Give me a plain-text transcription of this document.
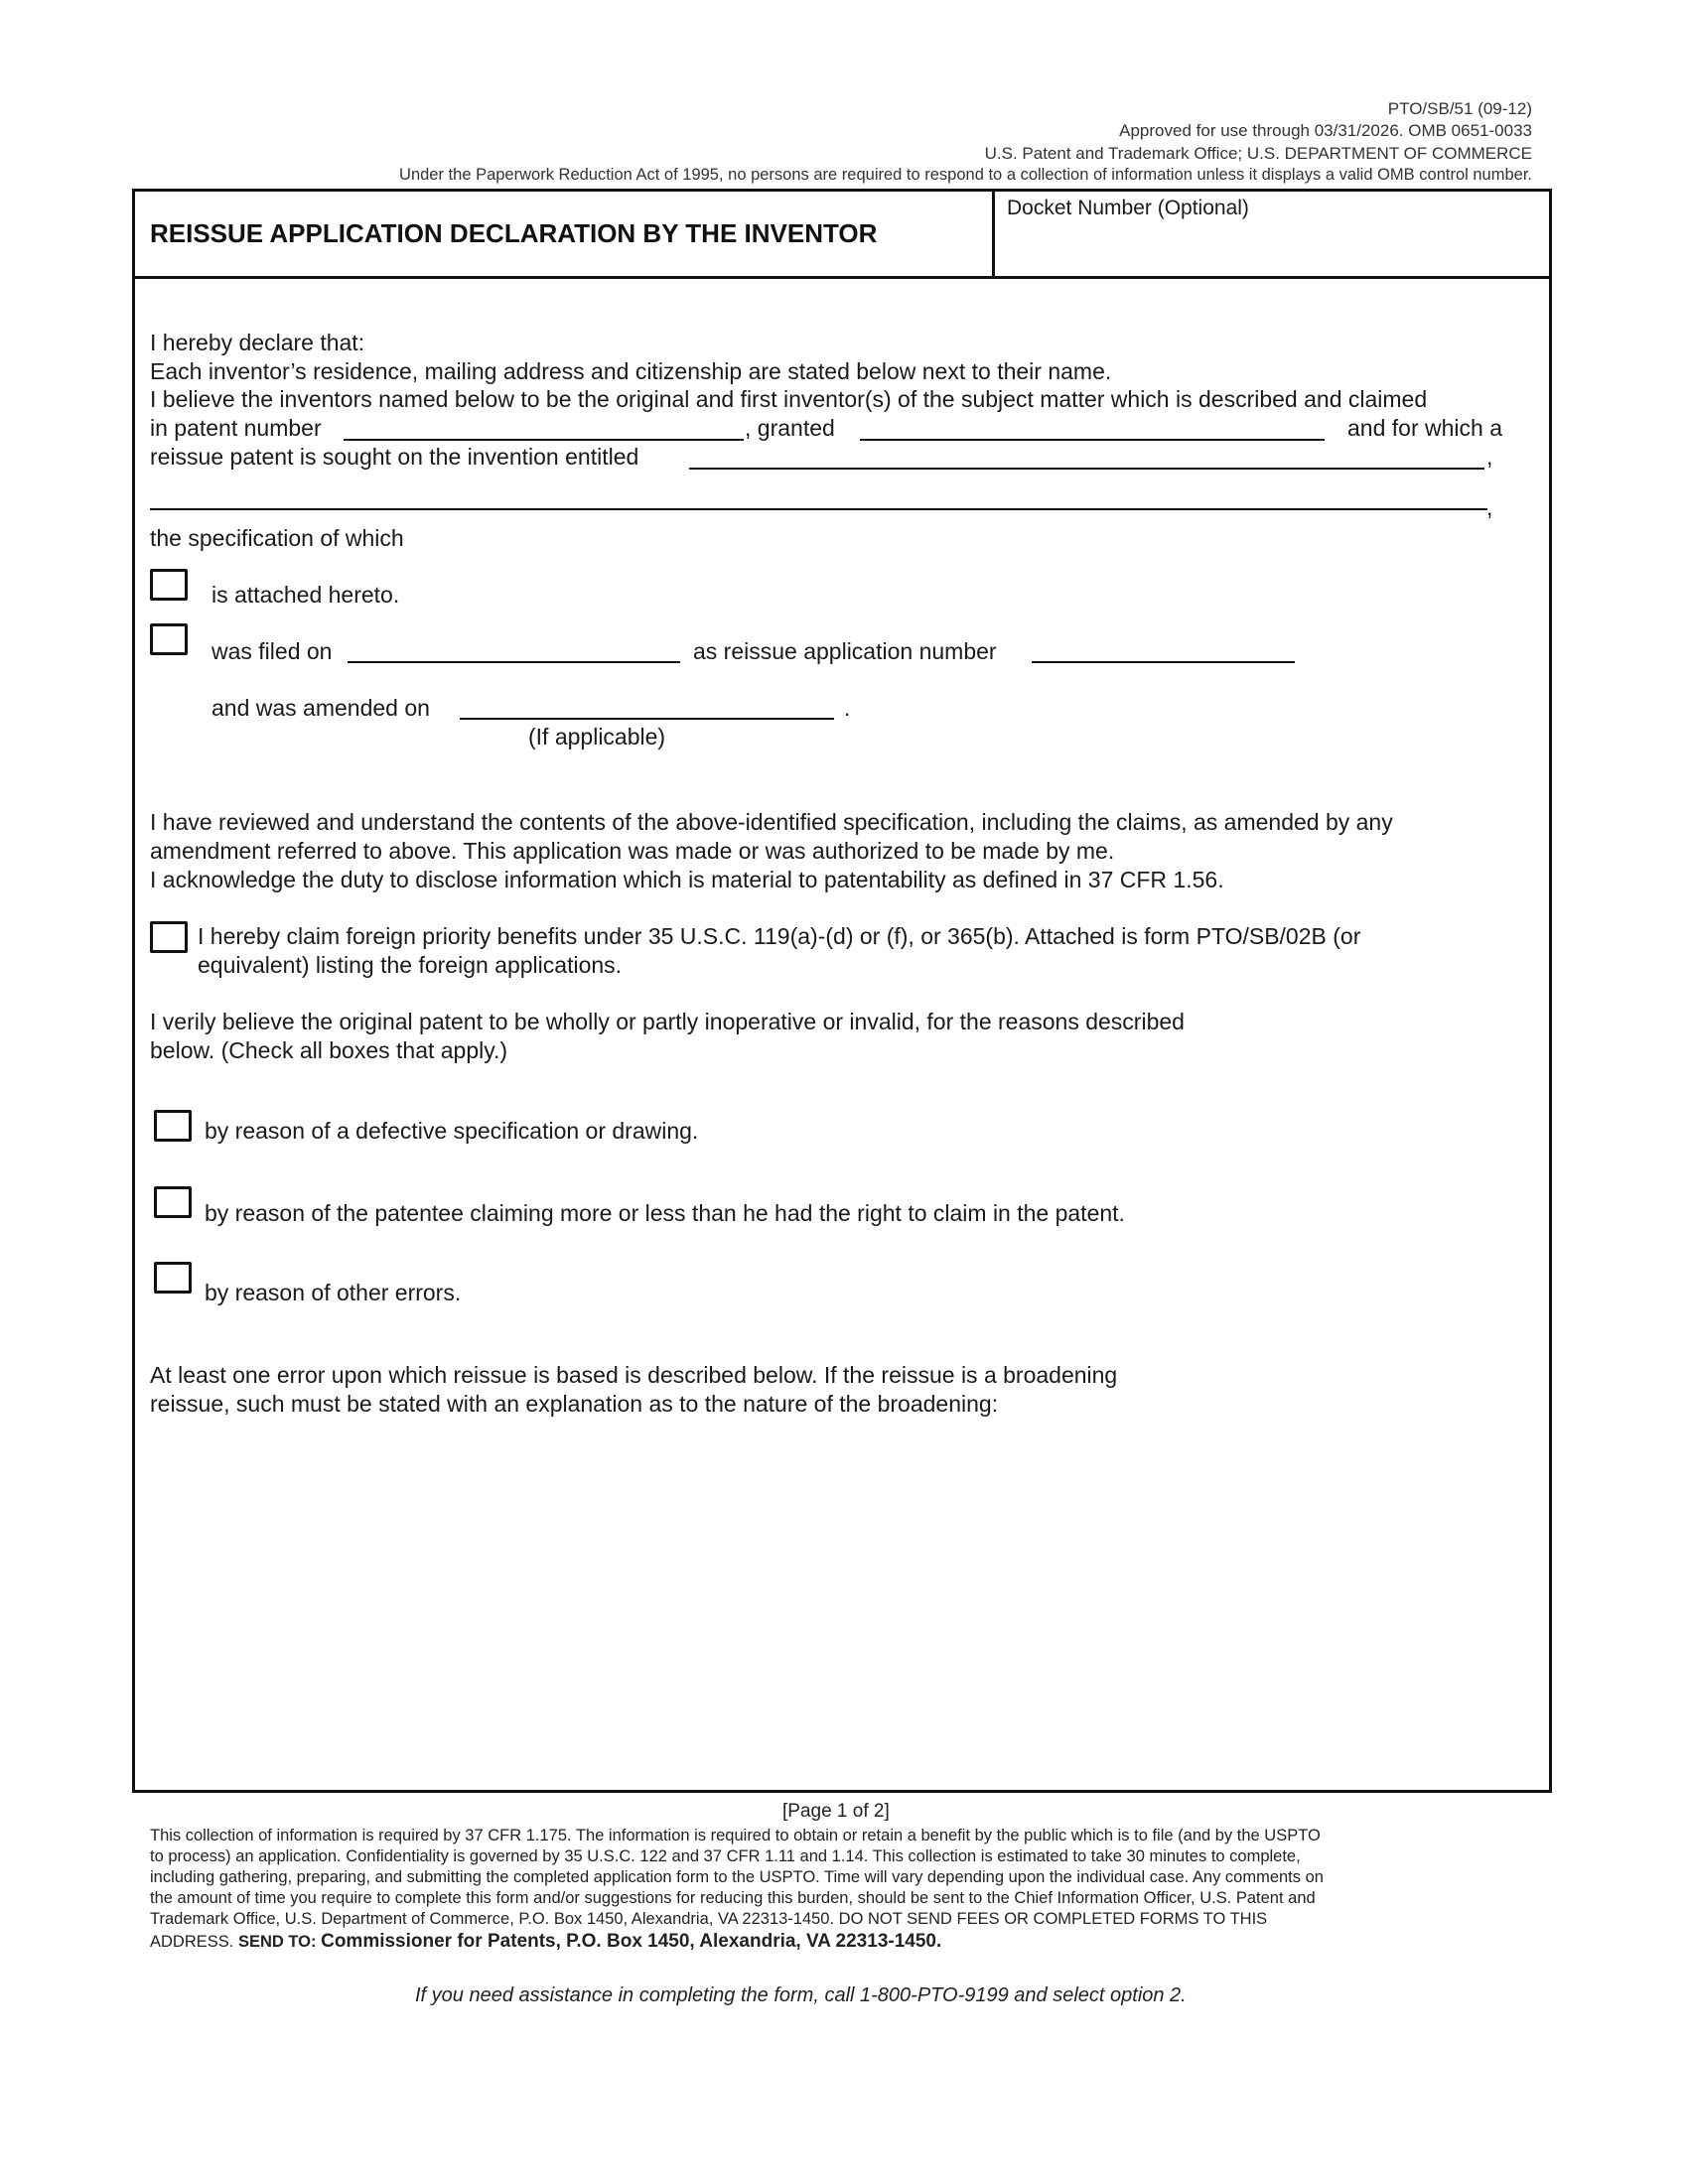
PTO/SB/51 (09-12)
Approved for use through 03/31/2026. OMB 0651-0033
U.S. Patent and Trademark Office; U.S. DEPARTMENT OF COMMERCE
Under the Paperwork Reduction Act of 1995, no persons are required to respond to a collection of information unless it displays a valid OMB control number.
REISSUE APPLICATION DECLARATION BY THE INVENTOR
Docket Number (Optional)
I hereby declare that:
Each inventor’s residence, mailing address and citizenship are stated below next to their name.
I believe the inventors named below to be the original and first inventor(s) of the subject matter which is described and claimed
in patent number	, granted	and for which a
reissue patent is sought on the invention entitled	,
,
the specification of which
is attached hereto.
was filed on	as reissue application number
and was amended on	.
(If applicable)
I have reviewed and understand the contents of the above-identified specification, including the claims, as amended by any
amendment referred to above. This application was made or was authorized to be made by me.
I acknowledge the duty to disclose information which is material to patentability as defined in 37 CFR 1.56.
I hereby claim foreign priority benefits under 35 U.S.C. 119(a)-(d) or (f), or 365(b). Attached is form PTO/SB/02B (or
equivalent) listing the foreign applications.
I verily believe the original patent to be wholly or partly inoperative or invalid, for the reasons described
below. (Check all boxes that apply.)
by reason of a defective specification or drawing.
by reason of the patentee claiming more or less than he had the right to claim in the patent.
by reason of other errors.
At least one error upon which reissue is based is described below. If the reissue is a broadening
reissue, such must be stated with an explanation as to the nature of the broadening:
[Page 1 of 2]
This collection of information is required by 37 CFR 1.175. The information is required to obtain or retain a benefit by the public which is to file (and by the USPTO
to process) an application. Confidentiality is governed by 35 U.S.C. 122 and 37 CFR 1.11 and 1.14. This collection is estimated to take 30 minutes to complete,
including gathering, preparing, and submitting the completed application form to the USPTO. Time will vary depending upon the individual case. Any comments on
the amount of time you require to complete this form and/or suggestions for reducing this burden, should be sent to the Chief Information Officer, U.S. Patent and
Trademark Office, U.S. Department of Commerce, P.O. Box 1450, Alexandria, VA 22313-1450. DO NOT SEND FEES OR COMPLETED FORMS TO THIS
ADDRESS. SEND TO: Commissioner for Patents, P.O. Box 1450, Alexandria, VA 22313-1450.
If you need assistance in completing the form, call 1-800-PTO-9199 and select option 2.
